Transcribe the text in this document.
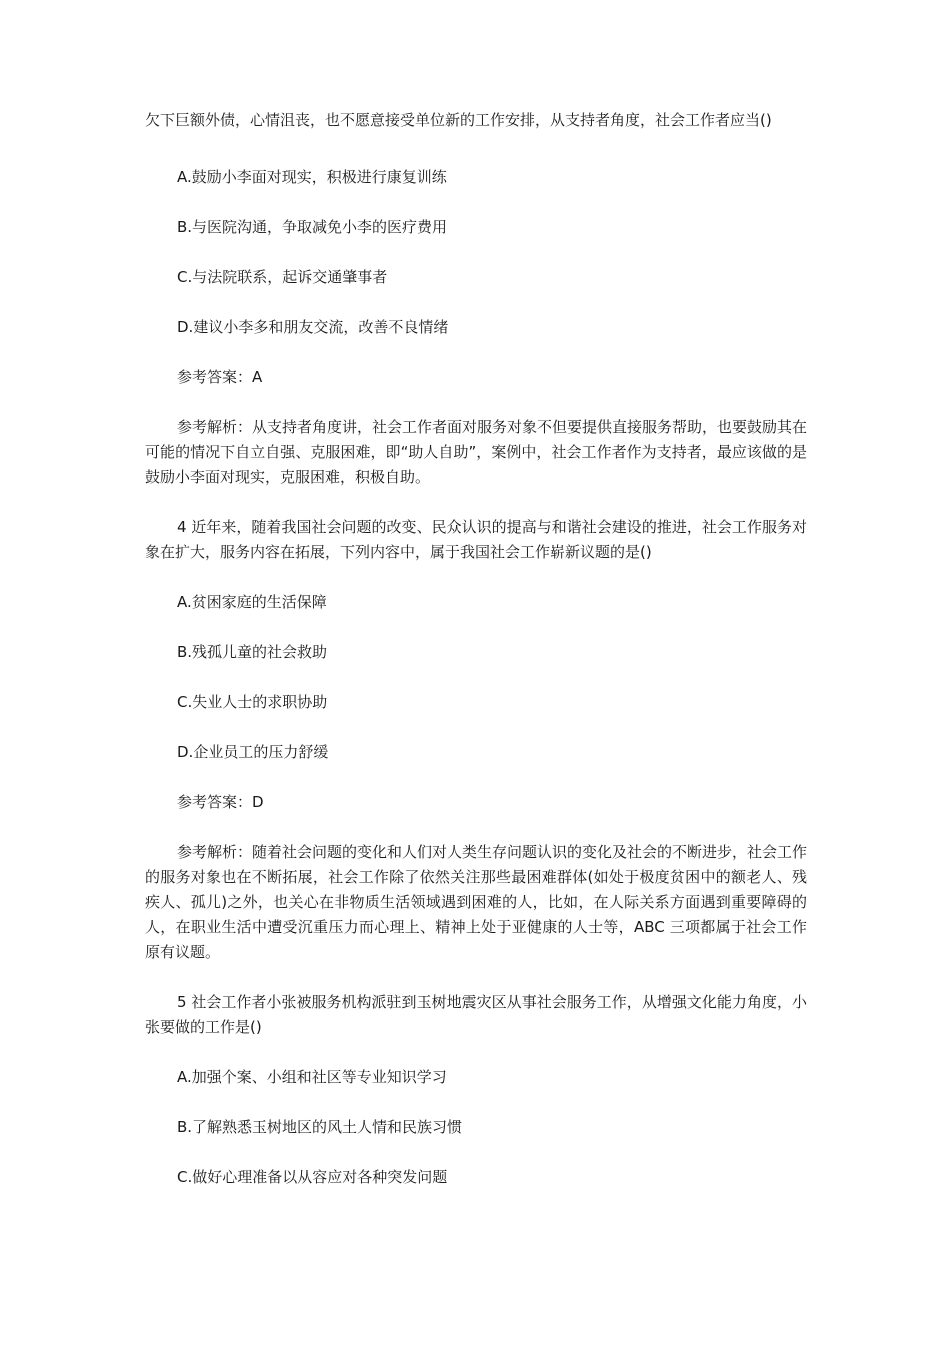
欠下巨额外债，心情沮丧，也不愿意接受单位新的工作安排，从支持者角度，社会工作者应当()

A.鼓励小李面对现实，积极进行康复训练

B.与医院沟通，争取减免小李的医疗费用

C.与法院联系，起诉交通肇事者

D.建议小李多和朋友交流，改善不良情绪

参考答案：A

参考解析：从支持者角度讲，社会工作者面对服务对象不但要提供直接服务帮助，也要鼓励其在可能的情况下自立自强、克服困难，即“助人自助”，案例中，社会工作者作为支持者，最应该做的是鼓励小李面对现实，克服困难，积极自助。

4 近年来，随着我国社会问题的改变、民众认识的提高与和谐社会建设的推进，社会工作服务对象在扩大，服务内容在拓展，下列内容中，属于我国社会工作崭新议题的是()

A.贫困家庭的生活保障

B.残孤儿童的社会救助

C.失业人士的求职协助

D.企业员工的压力舒缓

参考答案：D

参考解析：随着社会问题的变化和人们对人类生存问题认识的变化及社会的不断进步，社会工作的服务对象也在不断拓展，社会工作除了依然关注那些最困难群体(如处于极度贫困中的额老人、残疾人、孤儿)之外，也关心在非物质生活领域遇到困难的人，比如，在人际关系方面遇到重要障碍的人，在职业生活中遭受沉重压力而心理上、精神上处于亚健康的人士等，ABC 三项都属于社会工作原有议题。

5 社会工作者小张被服务机构派驻到玉树地震灾区从事社会服务工作，从增强文化能力角度，小张要做的工作是()

A.加强个案、小组和社区等专业知识学习

B.了解熟悉玉树地区的风土人情和民族习惯

C.做好心理准备以从容应对各种突发问题
